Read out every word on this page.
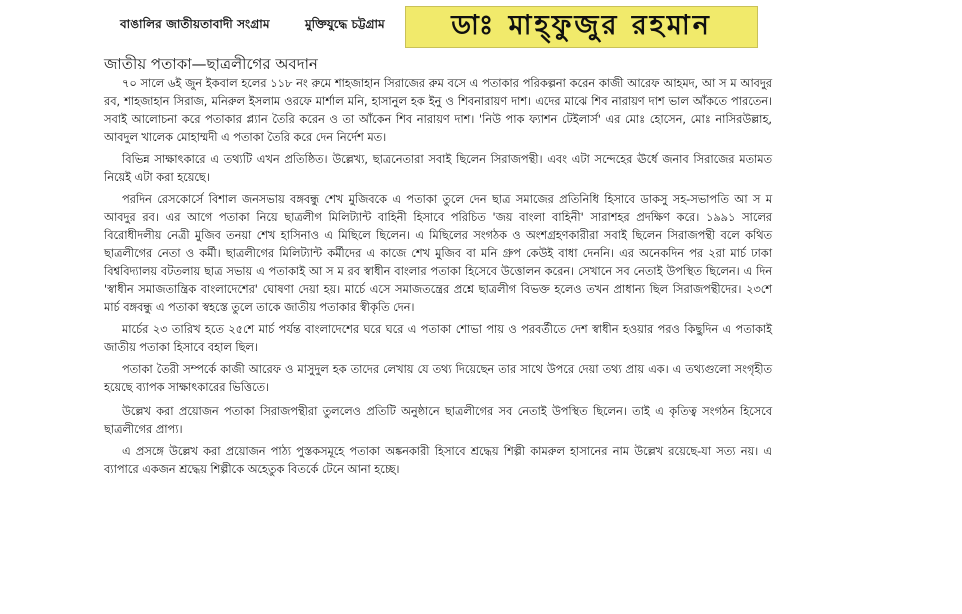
বাঙালির জাতীয়তাবাদী সংগ্রাম	মুক্তিযুদ্ধে চট্টগ্রাম	ডাঃ মাহ্‌ফুজুর রহমান
জাতীয় পতাকা—ছাত্রলীগের অবদান

৭০ সালে ৬ই জুন ইকবাল হলের ১১৮ নং রুমে শাহজাহান সিরাজের রুম বসে এ পতাকার পরিকল্পনা করেন কাজী আরেফ আহমদ, আ স ম আবদুর রব, শাহজাহান সিরাজ, মনিরুল ইসলাম ওরফে মার্শাল মনি, হাসানুল হক ইনু ও শিবনারায়ণ দাশ। এদের মাঝে শিব নারায়ণ দাশ ভাল আঁকতে পারতেন। সবাই আলোচনা করে পতাকার প্ল্যান তৈরি করেন ও তা আঁকেন শিব নারায়ণ দাশ। 'নিউ পাক ফ্যাশন টেইলার্স' এর মোঃ হোসেন, মোঃ নাসিরউল্লাহ, আবদুল খালেক মোহাম্মদী এ পতাকা তৈরি করে দেন নির্দেশ মত।

বিভিন্ন সাক্ষাৎকারে এ তথ্যটি এখন প্রতিষ্ঠিত। উল্লেখ্য, ছাত্রনেতারা সবাই ছিলেন সিরাজপন্থী। এবং এটা সন্দেহের ঊর্ধে জনাব সিরাজের মতামত নিয়েই এটা করা হয়েছে।

পরদিন রেসকোর্সে বিশাল জনসভায় বঙ্গবন্ধু শেখ মুজিবকে এ পতাকা তুলে দেন ছাত্র সমাজের প্রতিনিধি হিসাবে ডাকসু সহ-সভাপতি আ স ম আবদুর রব। এর আগে পতাকা নিয়ে ছাত্রলীগ মিলিট্যান্ট বাহিনী হিসাবে পরিচিত 'জয় বাংলা বাহিনী' সারাশহর প্রদক্ষিণ করে। ১৯৯১ সালের বিরোধীদলীয় নেত্রী মুজিব তনয়া শেখ হাসিনাও এ মিছিলে ছিলেন। এ মিছিলের সংগঠক ও অংশগ্রহণকারীরা সবাই ছিলেন সিরাজপন্থী বলে কথিত ছাত্রলীগের নেতা ও কর্মী। ছাত্রলীগের মিলিট্যান্ট কর্মীদের এ কাজে শেখ মুজিব বা মনি গ্রুপ কেউই বাধা দেননি। এর অনেকদিন পর ২রা মার্চ ঢাকা বিশ্ববিদ্যালয় বটতলায় ছাত্র সভায় এ পতাকাই আ স ম রব স্বাধীন বাংলার পতাকা হিসেবে উত্তোলন করেন। সেখানে সব নেতাই উপস্থিত ছিলেন। এ দিন 'স্বাধীন সমাজতান্ত্রিক বাংলাদেশের' ঘোষণা দেয়া হয়। মার্চে এসে সমাজতন্ত্রের প্রশ্নে ছাত্রলীগ বিভক্ত হলেও তখন প্রাধান্য ছিল সিরাজপন্থীদের। ২৩শে মার্চ বঙ্গবন্ধু এ পতাকা স্বহস্তে তুলে তাকে জাতীয় পতাকার স্বীকৃতি দেন।

মার্চের ২৩ তারিখ হতে ২৫শে মার্চ পর্যন্ত বাংলাদেশের ঘরে ঘরে এ পতাকা শোভা পায় ও পরবর্তীতে দেশ স্বাধীন হওয়ার পরও কিছুদিন এ পতাকাই জাতীয় পতাকা হিসাবে বহাল ছিল।

পতাকা তৈরী সম্পর্কে কাজী আরেফ ও মাসুদুল হক তাদের লেখায় যে তথ্য দিয়েছেন তার সাথে উপরে দেয়া তথ্য প্রায় এক। এ তথ্যগুলো সংগৃহীত হয়েছে ব্যাপক সাক্ষাৎকারের ভিত্তিতে।

উল্লেখ করা প্রয়োজন পতাকা সিরাজপন্থীরা তুললেও প্রতিটি অনুষ্ঠানে ছাত্রলীগের সব নেতাই উপস্থিত ছিলেন। তাই এ কৃতিত্ব সংগঠন হিসেবে ছাত্রলীগের প্রাপ্য।

এ প্রসঙ্গে উল্লেখ করা প্রয়োজন পাঠ্য পুস্তকসমূহে পতাকা অঙ্কনকারী হিসাবে শ্রদ্ধেয় শিল্পী কামরুল হাসানের নাম উল্লেখ রয়েছে-যা সত্য নয়। এ ব্যাপারে একজন শ্রদ্ধেয় শিল্পীকে অহেতুক বিতর্কে টেনে আনা হচ্ছে।
